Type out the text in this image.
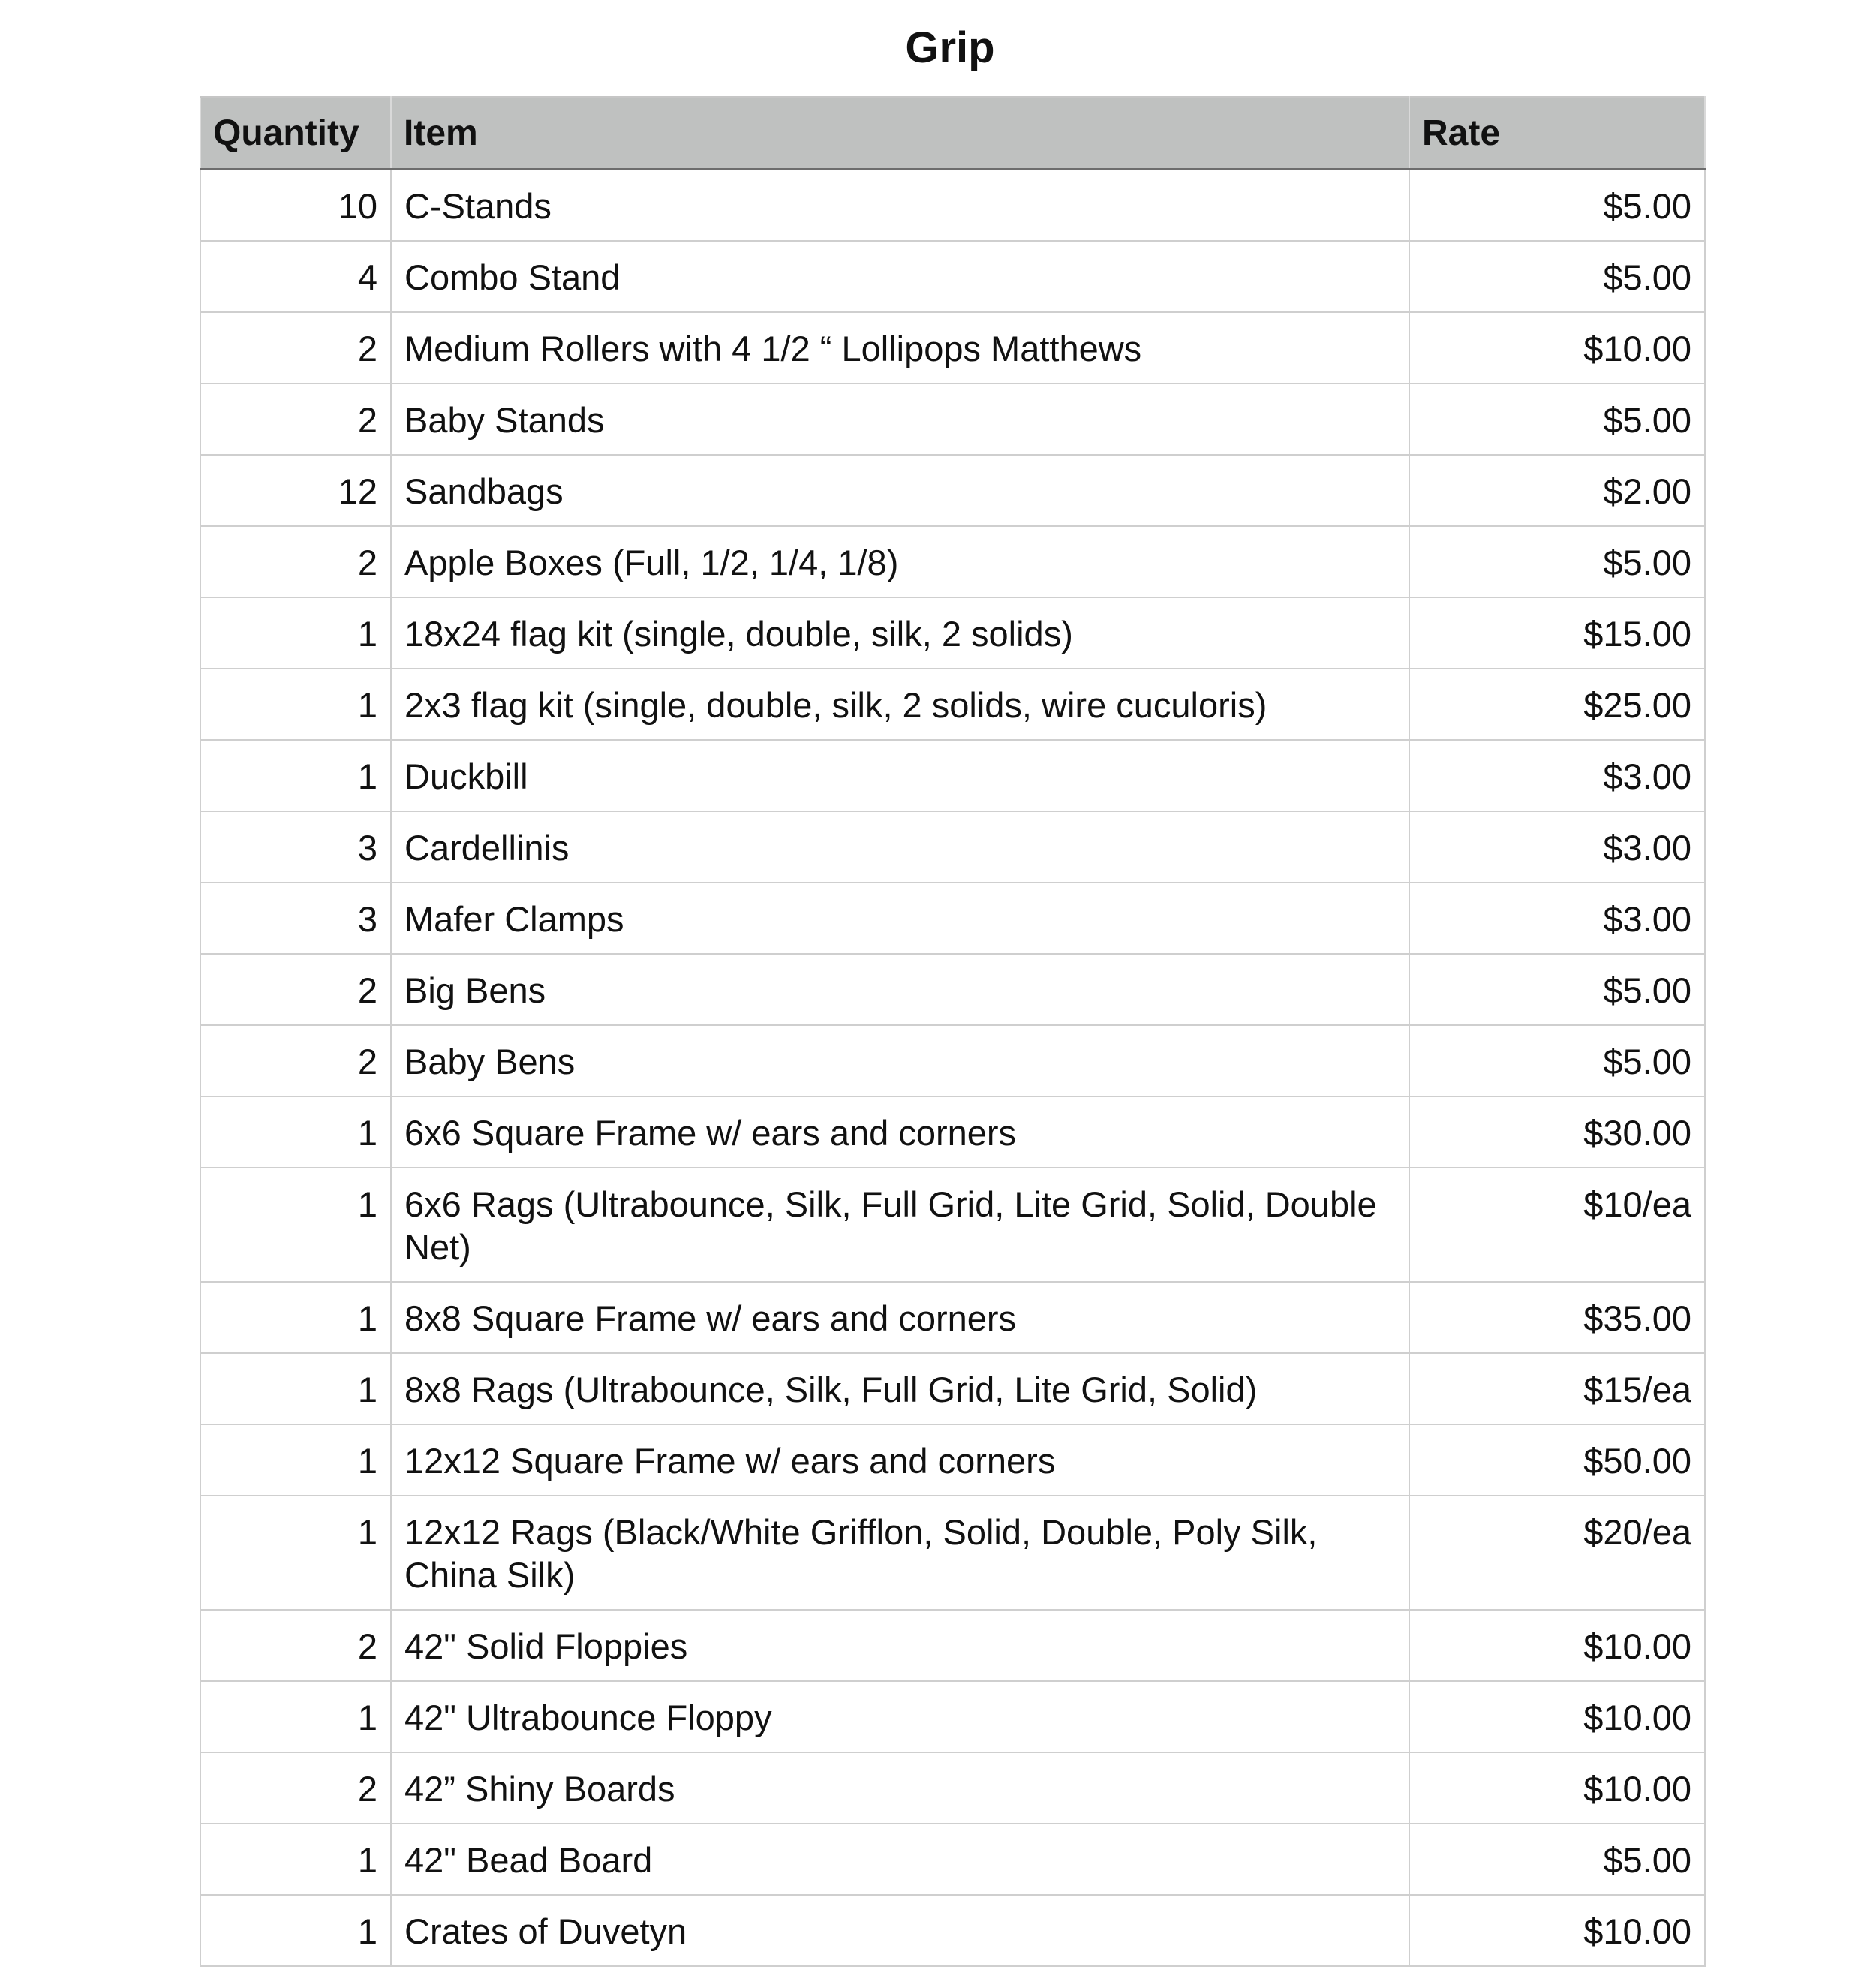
Grip
Quantity	Item	Rate
10	C-Stands	$5.00
4	Combo Stand	$5.00
2	Medium Rollers with 4 1/2 “ Lollipops Matthews	$10.00
2	Baby Stands	$5.00
12	Sandbags	$2.00
2	Apple Boxes (Full, 1/2, 1/4, 1/8)	$5.00
1	18x24 flag kit (single, double, silk, 2 solids)	$15.00
1	2x3 flag kit (single, double, silk, 2 solids, wire cuculoris)	$25.00
1	Duckbill	$3.00
3	Cardellinis	$3.00
3	Mafer Clamps	$3.00
2	Big Bens	$5.00
2	Baby Bens	$5.00
1	6x6 Square Frame w/ ears and corners	$30.00
1	6x6 Rags (Ultrabounce, Silk, Full Grid, Lite Grid, Solid, Double Net)	$10/ea
1	8x8 Square Frame w/ ears and corners	$35.00
1	8x8 Rags (Ultrabounce, Silk, Full Grid, Lite Grid, Solid)	$15/ea
1	12x12 Square Frame w/ ears and corners	$50.00
1	12x12 Rags (Black/White Grifflon, Solid, Double, Poly Silk, China Silk)	$20/ea
2	42" Solid Floppies	$10.00
1	42" Ultrabounce Floppy	$10.00
2	42” Shiny Boards	$10.00
1	42" Bead Board	$5.00
1	Crates of Duvetyn	$10.00
